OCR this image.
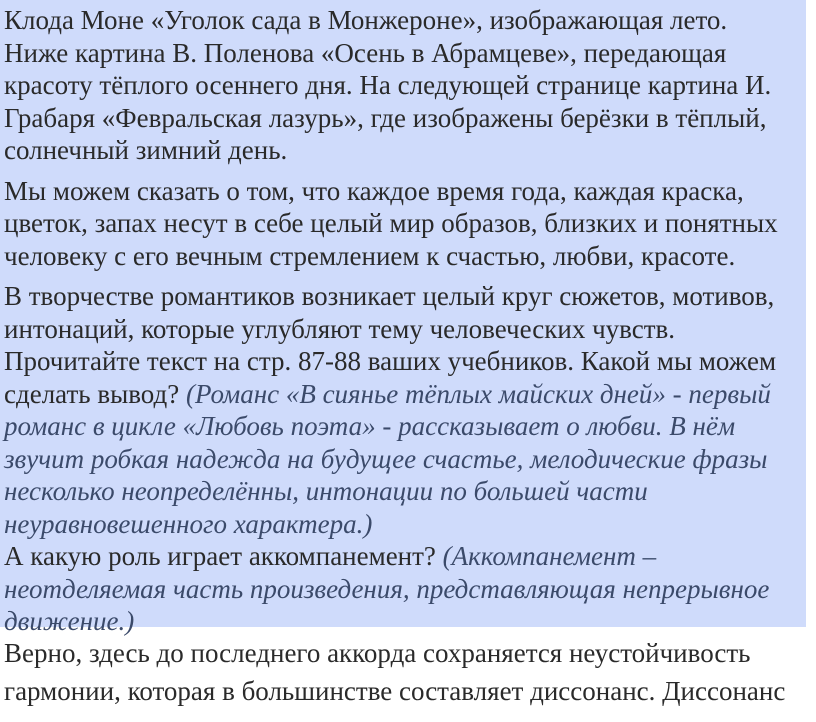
Клода Моне «Уголок сада в Монжероне», изображающая лето.

Ниже картина В. Поленова «Осень в Абрамцеве», передающая

красоту тёплого осеннего дня. На следующей странице картина И.

Грабаря «Февральская лазурь», где изображены берёзки в тёплый,

солнечный зимний день.

Мы можем сказать о том, что каждое время года, каждая краска,

цветок, запах несут в себе целый мир образов, близких и понятных

человеку с его вечным стремлением к счастью, любви, красоте.

В творчестве романтиков возникает целый круг сюжетов, мотивов,

интонаций, которые углубляют тему человеческих чувств.

Прочитайте текст на стр. 87-88 ваших учебников. Какой мы можем

сделать вывод? (Романс «В сиянье тёплых майских дней» - первый

романс в цикле «Любовь поэта» - рассказывает о любви. В нём

звучит робкая надежда на будущее счастье, мелодические фразы

несколько неопределённы, интонации по большей части

неуравновешенного характера.)

А какую роль играет аккомпанемент? (Аккомпанемент –

неотделяемая часть произведения, представляющая непрерывное

движение.)

Верно, здесь до последнего аккорда сохраняется неустойчивость

гармонии, которая в большинстве составляет диссонанс. Диссонанс
